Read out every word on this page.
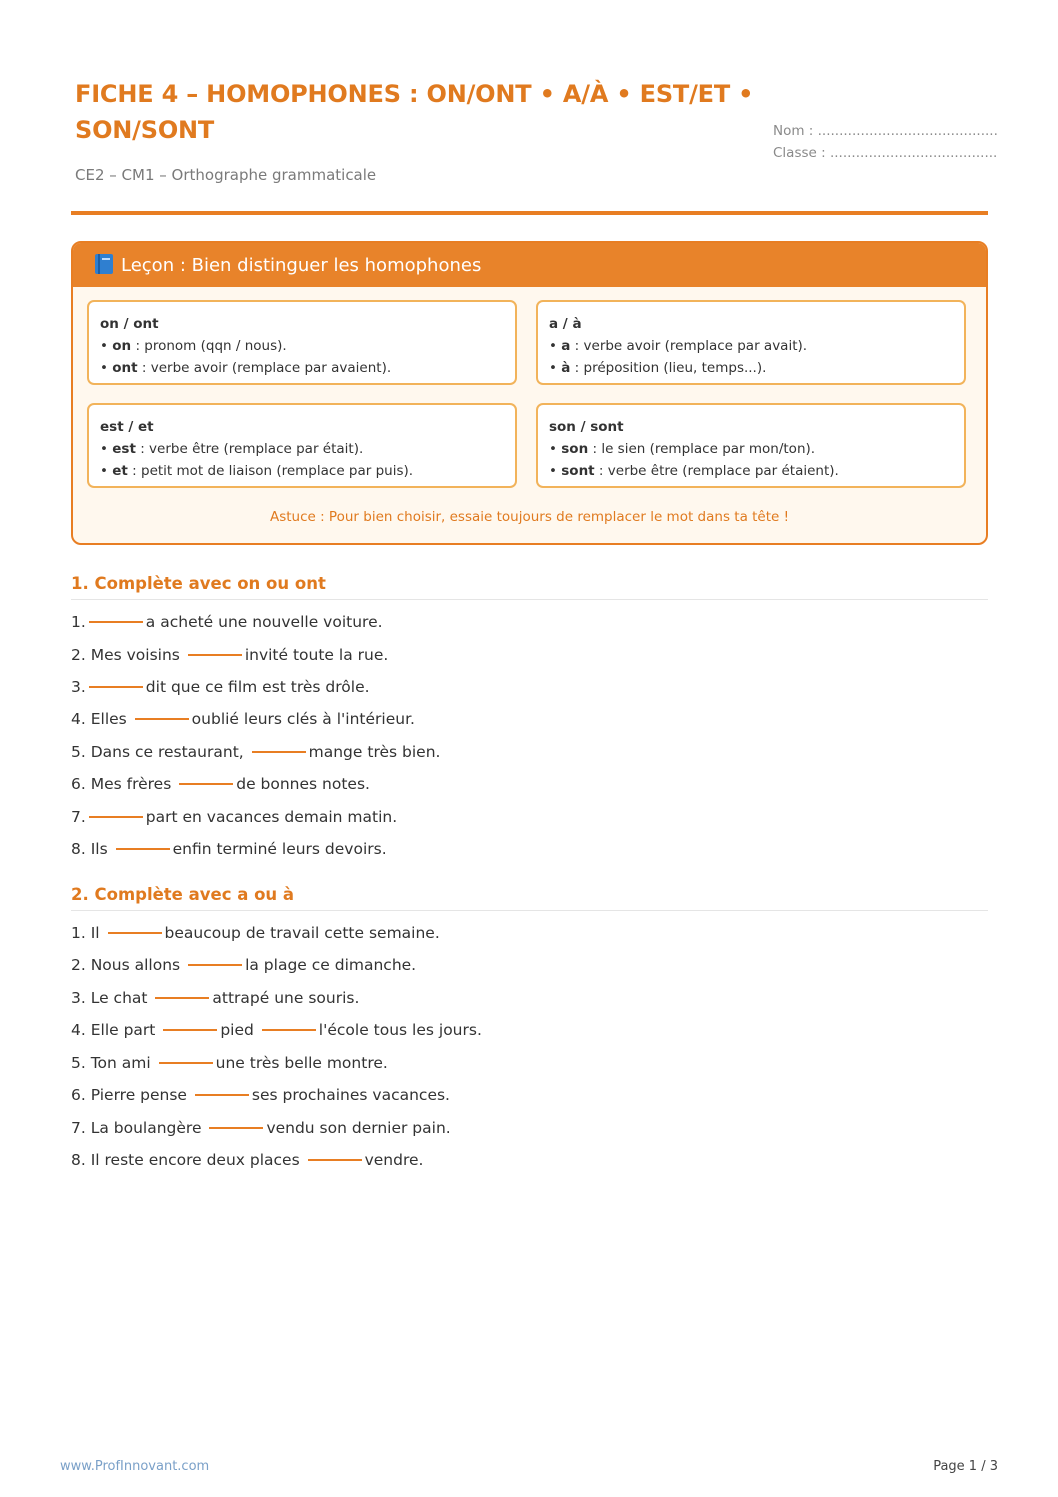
FICHE 4 – HOMOPHONES : ON/ONT • A/À • EST/ET • SON/SONT	Nom : ..........................................
Classe : .......................................
CE2 – CM1 – Orthographe grammaticale
Leçon : Bien distinguer les homophones
on / ont
• on : pronom (qqn / nous).
• ont : verbe avoir (remplace par avaient).
a / à
• a : verbe avoir (remplace par avait).
• à : préposition (lieu, temps...).
est / et
• est : verbe être (remplace par était).
• et : petit mot de liaison (remplace par puis).
son / sont
• son : le sien (remplace par mon/ton).
• sont : verbe être (remplace par étaient).
Astuce : Pour bien choisir, essaie toujours de remplacer le mot dans ta tête !
1. Complète avec on ou ont
1.	a acheté une nouvelle voiture.
2. Mes voisins	invité toute la rue.
3.	dit que ce film est très drôle.
4. Elles	oublié leurs clés à l'intérieur.
5. Dans ce restaurant,	mange très bien.
6. Mes frères	de bonnes notes.
7.	part en vacances demain matin.
8. Ils	enfin terminé leurs devoirs.
2. Complète avec a ou à
1. Il	beaucoup de travail cette semaine.
2. Nous allons	la plage ce dimanche.
3. Le chat	attrapé une souris.
4. Elle part	pied	l'école tous les jours.
5. Ton ami	une très belle montre.
6. Pierre pense	ses prochaines vacances.
7. La boulangère	vendu son dernier pain.
8. Il reste encore deux places	vendre.
www.ProfInnovant.com	Page 1 / 3
